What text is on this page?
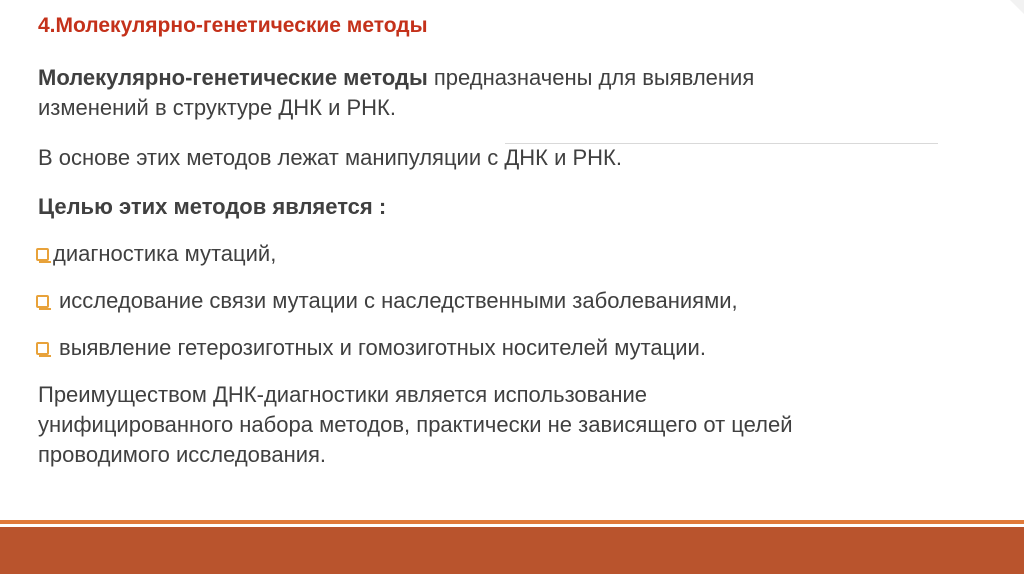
4.Молекулярно-генетические методы
Молекулярно-генетические методы предназначены для выявления
изменений в структуре ДНК и РНК.
В основе этих методов лежат манипуляции с ДНК и РНК.
Целью этих методов является :
диагностика мутаций,
исследование связи мутации с наследственными заболеваниями,
выявление гетерозиготных и гомозиготных носителей мутации.
Преимуществом ДНК-диагностики является использование
унифицированного набора методов, практически не зависящего от целей
проводимого исследования.
